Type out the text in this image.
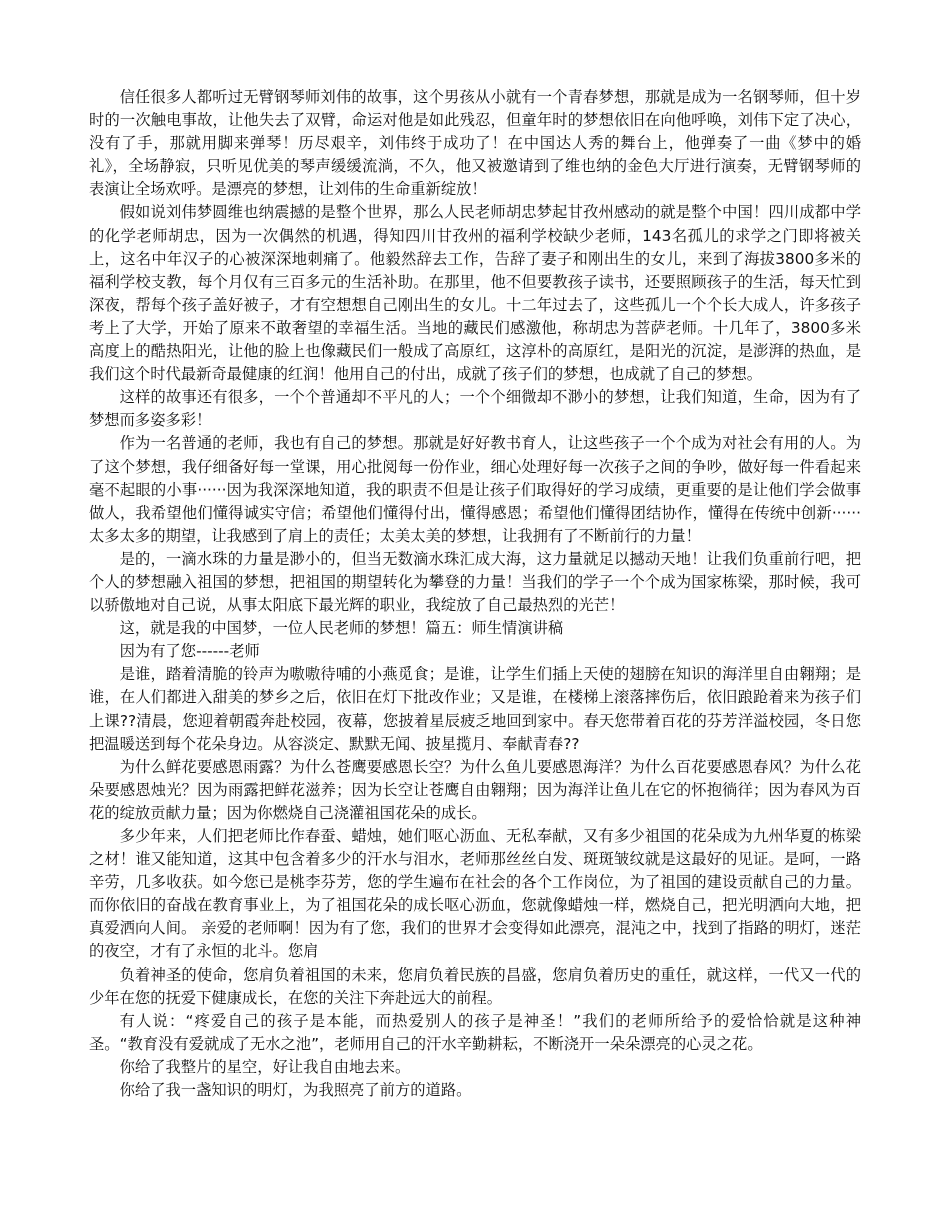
信任很多人都听过无臂钢琴师刘伟的故事，这个男孩从小就有一个青春梦想，那就是成为一名钢琴师，但十岁时的一次触电事故，让他失去了双臂，命运对他是如此残忍，但童年时的梦想依旧在向他呼唤，刘伟下定了决心，没有了手，那就用脚来弹琴！历尽艰辛，刘伟终于成功了！在中国达人秀的舞台上，他弹奏了一曲《梦中的婚礼》，全场静寂，只听见优美的琴声缓缓流淌，不久，他又被邀请到了维也纳的金色大厅进行演奏，无臂钢琴师的表演让全场欢呼。是漂亮的梦想，让刘伟的生命重新绽放！

假如说刘伟梦圆维也纳震撼的是整个世界，那么人民老师胡忠梦起甘孜州感动的就是整个中国！四川成都中学的化学老师胡忠，因为一次偶然的机遇，得知四川甘孜州的福利学校缺少老师，143名孤儿的求学之门即将被关上，这名中年汉子的心被深深地刺痛了。他毅然辞去工作，告辞了妻子和刚出生的女儿，来到了海拔3800多米的福利学校支教，每个月仅有三百多元的生活补助。在那里，他不但要教孩子读书，还要照顾孩子的生活，每天忙到深夜，帮每个孩子盖好被子，才有空想想自己刚出生的女儿。十二年过去了，这些孤儿一个个长大成人，许多孩子考上了大学，开始了原来不敢奢望的幸福生活。当地的藏民们感激他，称胡忠为菩萨老师。十几年了，3800多米高度上的酷热阳光，让他的脸上也像藏民们一般成了高原红，这淳朴的高原红，是阳光的沉淀，是澎湃的热血，是我们这个时代最新奇最健康的红润！他用自己的付出，成就了孩子们的梦想，也成就了自己的梦想。

这样的故事还有很多，一个个普通却不平凡的人；一个个细微却不渺小的梦想，让我们知道，生命，因为有了梦想而多姿多彩！

作为一名普通的老师，我也有自己的梦想。那就是好好教书育人，让这些孩子一个个成为对社会有用的人。为了这个梦想，我仔细备好每一堂课，用心批阅每一份作业，细心处理好每一次孩子之间的争吵，做好每一件看起来毫不起眼的小事······因为我深深地知道，我的职责不但是让孩子们取得好的学习成绩，更重要的是让他们学会做事做人，我希望他们懂得诚实守信；希望他们懂得付出，懂得感恩；希望他们懂得团结协作，懂得在传统中创新······太多太多的期望，让我感到了肩上的责任；太美太美的梦想，让我拥有了不断前行的力量！

是的，一滴水珠的力量是渺小的，但当无数滴水珠汇成大海，这力量就足以撼动天地！让我们负重前行吧，把个人的梦想融入祖国的梦想，把祖国的期望转化为攀登的力量！当我们的学子一个个成为国家栋梁，那时候，我可以骄傲地对自己说，从事太阳底下最光辉的职业，我绽放了自己最热烈的光芒！

这，就是我的中国梦，一位人民老师的梦想！篇五：师生情演讲稿

因为有了您------老师

是谁，踏着清脆的铃声为嗷嗷待哺的小燕觅食；是谁，让学生们插上天使的翅膀在知识的海洋里自由翱翔；是谁，在人们都进入甜美的梦乡之后，依旧在灯下批改作业；又是谁，在楼梯上滚落摔伤后，依旧踉跄着来为孩子们上课??清晨，您迎着朝霞奔赴校园，夜幕，您披着星辰疲乏地回到家中。春天您带着百花的芬芳洋溢校园，冬日您把温暖送到每个花朵身边。从容淡定、默默无闻、披星揽月、奉献青春??

为什么鲜花要感恩雨露？为什么苍鹰要感恩长空？为什么鱼儿要感恩海洋？为什么百花要感恩春风？为什么花朵要感恩烛光？因为雨露把鲜花滋养；因为长空让苍鹰自由翱翔；因为海洋让鱼儿在它的怀抱徜徉；因为春风为百花的绽放贡献力量；因为你燃烧自己浇灌祖国花朵的成长。

多少年来，人们把老师比作春蚕、蜡烛，她们呕心沥血、无私奉献，又有多少祖国的花朵成为九州华夏的栋梁之材！谁又能知道，这其中包含着多少的汗水与泪水，老师那丝丝白发、斑斑皱纹就是这最好的见证。是呵，一路辛劳，几多收获。如今您已是桃李芬芳，您的学生遍布在社会的各个工作岗位，为了祖国的建设贡献自己的力量。而你依旧的奋战在教育事业上，为了祖国花朵的成长呕心沥血，您就像蜡烛一样，燃烧自己，把光明洒向大地，把真爱洒向人间。 亲爱的老师啊！因为有了您，我们的世界才会变得如此漂亮，混沌之中，找到了指路的明灯，迷茫的夜空，才有了永恒的北斗。您肩

负着神圣的使命，您肩负着祖国的未来，您肩负着民族的昌盛，您肩负着历史的重任，就这样，一代又一代的少年在您的抚爱下健康成长，在您的关注下奔赴远大的前程。

有人说：“疼爱自己的孩子是本能，而热爱别人的孩子是神圣！”我们的老师所给予的爱恰恰就是这种神圣。“教育没有爱就成了无水之池”，老师用自己的汗水辛勤耕耘，不断浇开一朵朵漂亮的心灵之花。

你给了我整片的星空，好让我自由地去来。

你给了我一盏知识的明灯，为我照亮了前方的道路。
